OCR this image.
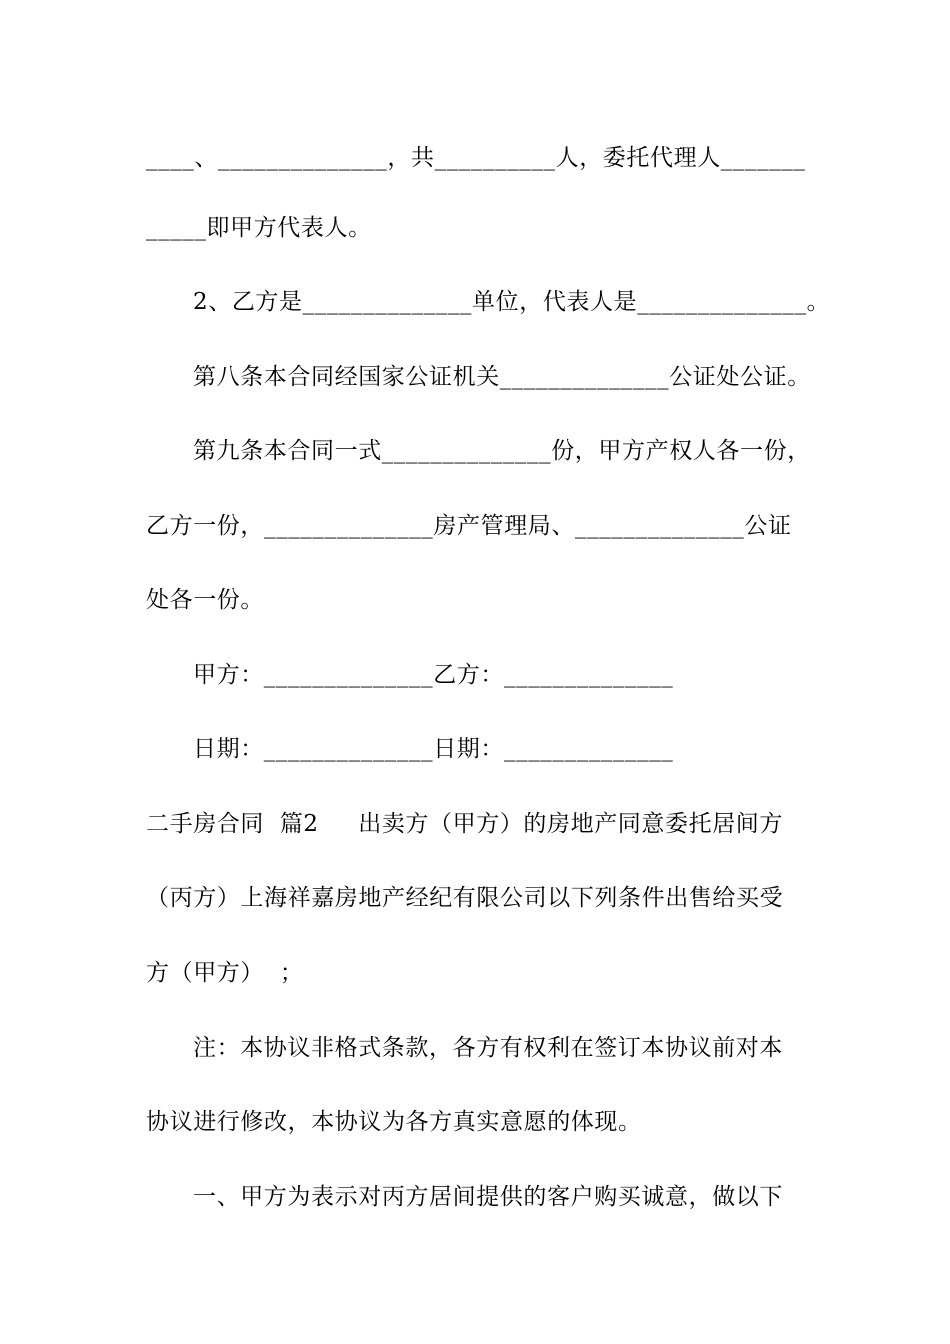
____、______________，共__________人，委托代理人_______
_____即甲方代表人。
2、乙方是______________单位，代表人是______________。
第八条本合同经国家公证机关______________公证处公证。
第九条本合同一式______________份，甲方产权人各一份，
乙方一份，______________房产管理局、______________公证
处各一份。
甲方：______________乙方：______________
日期：______________日期：______________
二手房合同  篇2     出卖方（甲方）的房地产同意委托居间方
（丙方）上海祥嘉房地产经纪有限公司以下列条件出售给买受
方（甲方）  ；
注：本协议非格式条款，各方有权利在签订本协议前对本
协议进行修改，本协议为各方真实意愿的体现。
一、甲方为表示对丙方居间提供的客户购买诚意，做以下
